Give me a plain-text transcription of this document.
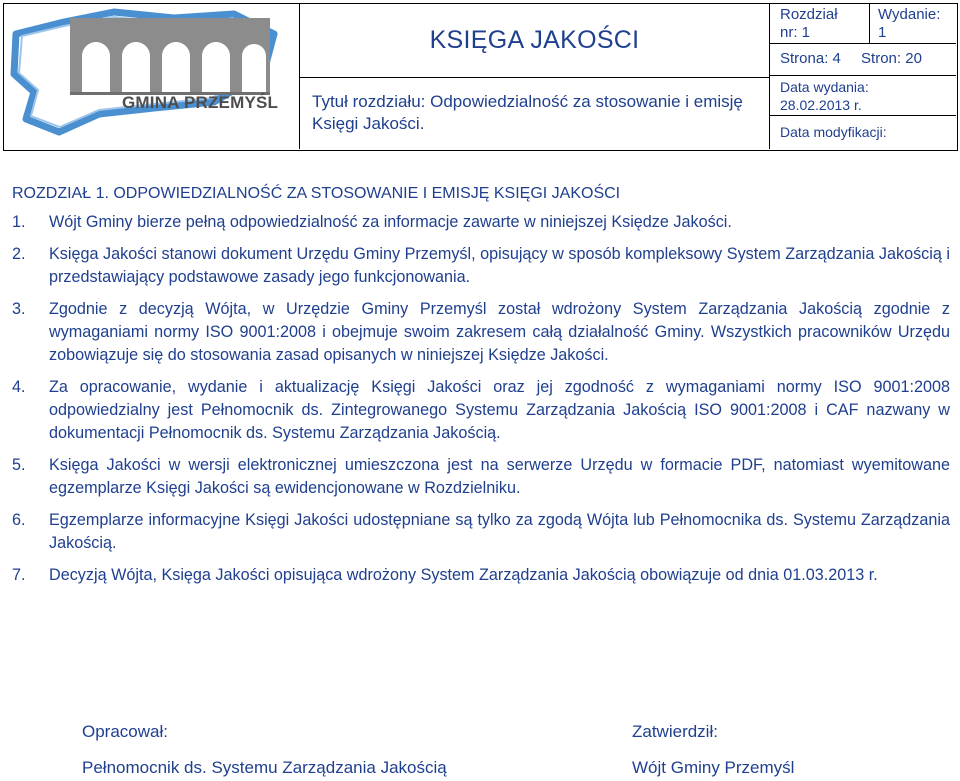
GMINA PRZEMYŚL
KSIĘGA JAKOŚCI
Tytuł rozdziału: Odpowiedzialność za stosowanie i emisję Księgi Jakości.
Rozdział
nr: 1
Wydanie:
1
Strona: 4 Stron: 20
Data wydania:
28.02.2013 r.
Data modyfikacji:
ROZDZIAŁ 1. ODPOWIEDZIALNOŚĆ ZA STOSOWANIE I EMISJĘ KSIĘGI JAKOŚCI
1. Wójt Gminy bierze pełną odpowiedzialność za informacje zawarte w niniejszej Księdze Jakości.
2. Księga Jakości stanowi dokument Urzędu Gminy Przemyśl, opisujący w sposób kompleksowy System Zarządzania Jakością i przedstawiający podstawowe zasady jego funkcjonowania.
3. Zgodnie z decyzją Wójta, w Urzędzie Gminy Przemyśl został wdrożony System Zarządzania Jakością zgodnie z wymaganiami normy ISO 9001:2008 i obejmuje swoim zakresem całą działalność Gminy. Wszystkich pracowników Urzędu zobowiązuje się do stosowania zasad opisanych w niniejszej Księdze Jakości.
4. Za opracowanie, wydanie i aktualizację Księgi Jakości oraz jej zgodność z wymaganiami normy ISO 9001:2008 odpowiedzialny jest Pełnomocnik ds. Zintegrowanego Systemu Zarządzania Jakością ISO 9001:2008 i CAF nazwany w dokumentacji Pełnomocnik ds. Systemu Zarządzania Jakością.
5. Księga Jakości w wersji elektronicznej umieszczona jest na serwerze Urzędu w formacie PDF, natomiast wyemitowane egzemplarze Księgi Jakości są ewidencjonowane w Rozdzielniku.
6. Egzemplarze informacyjne Księgi Jakości udostępniane są tylko za zgodą Wójta lub Pełnomocnika ds. Systemu Zarządzania Jakością.
7. Decyzją Wójta, Księga Jakości opisująca wdrożony System Zarządzania Jakością obowiązuje od dnia 01.03.2013 r.
Opracował:
Pełnomocnik ds. Systemu Zarządzania Jakością
Zatwierdził:
Wójt Gminy Przemyśl
